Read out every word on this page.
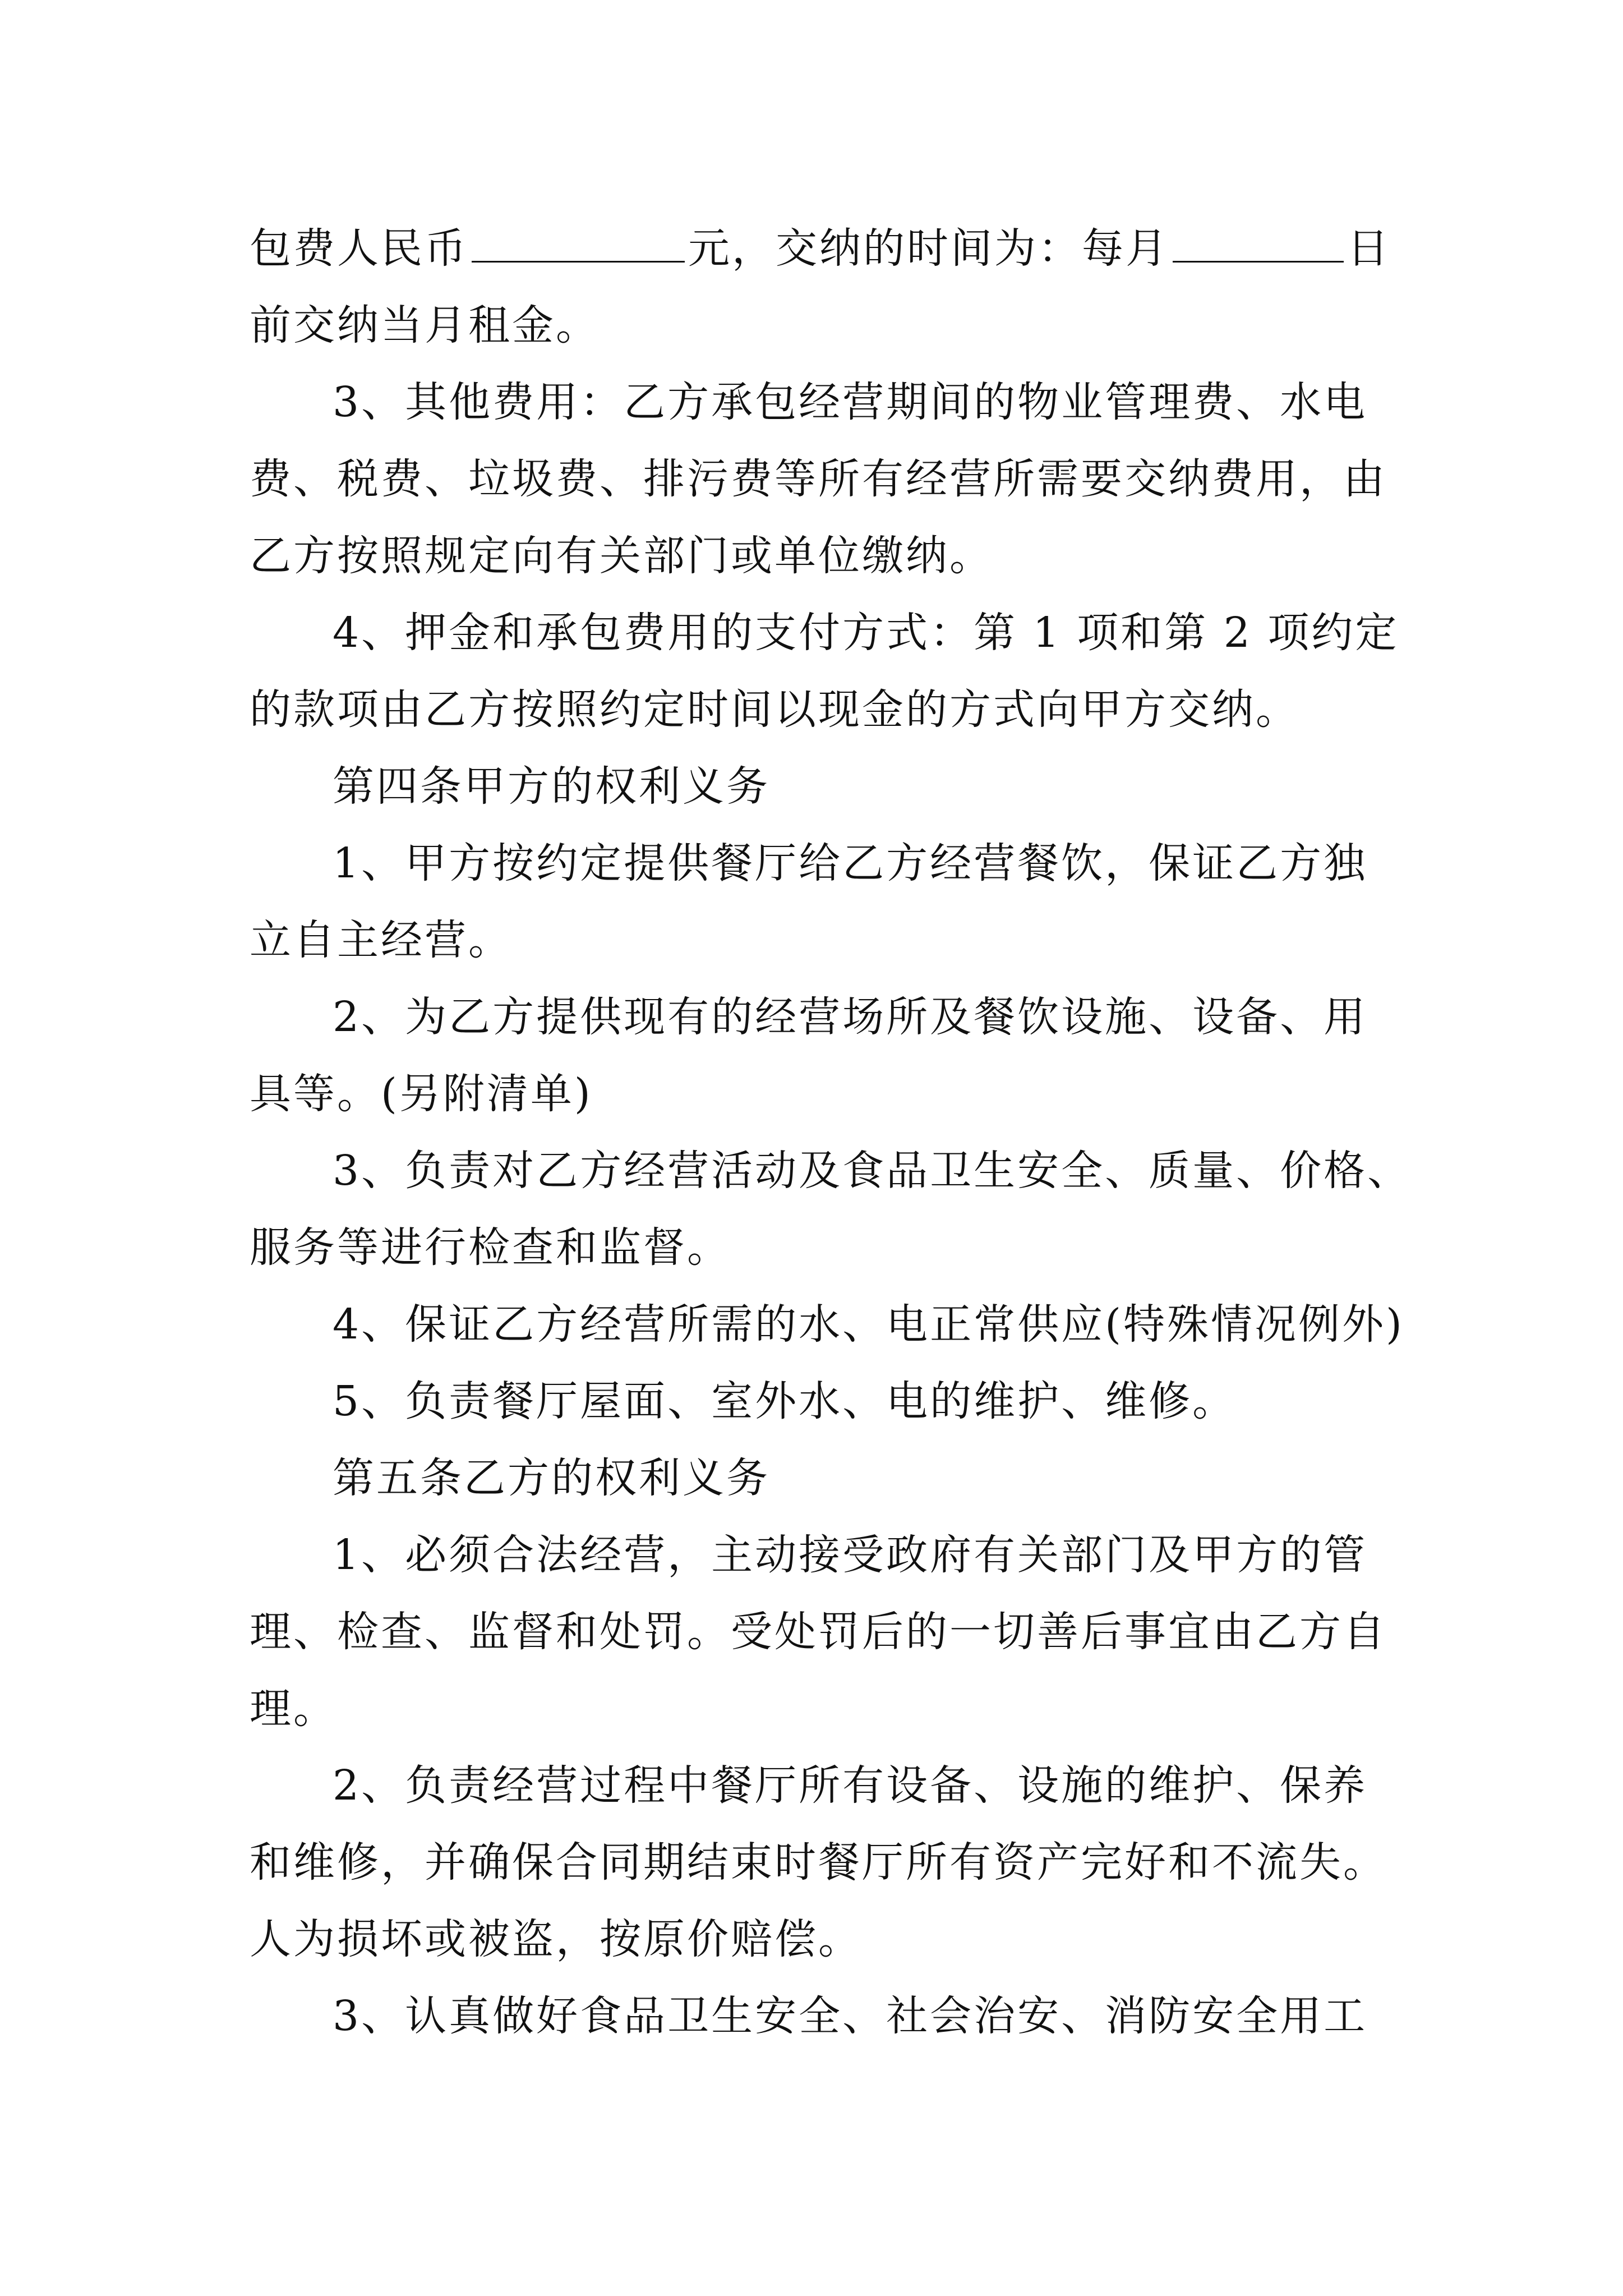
包费人民币	元，交纳的时间为：每月	日
前交纳当月租金。
3、其他费用：乙方承包经营期间的物业管理费、水电
费、税费、垃圾费、排污费等所有经营所需要交纳费用，由
乙方按照规定向有关部门或单位缴纳。
4、押金和承包费用的支付方式：第 1 项和第 2 项约定
的款项由乙方按照约定时间以现金的方式向甲方交纳。
第四条甲方的权利义务
1、甲方按约定提供餐厅给乙方经营餐饮，保证乙方独
立自主经营。
2、为乙方提供现有的经营场所及餐饮设施、设备、用
具等。(另附清单)
3、负责对乙方经营活动及食品卫生安全、质量、价格、
服务等进行检查和监督。
4、保证乙方经营所需的水、电正常供应(特殊情况例外)
5、负责餐厅屋面、室外水、电的维护、维修。
第五条乙方的权利义务
1、必须合法经营，主动接受政府有关部门及甲方的管
理、检查、监督和处罚。受处罚后的一切善后事宜由乙方自
理。
2、负责经营过程中餐厅所有设备、设施的维护、保养
和维修，并确保合同期结束时餐厅所有资产完好和不流失。
人为损坏或被盗，按原价赔偿。
3、认真做好食品卫生安全、社会治安、消防安全用工
